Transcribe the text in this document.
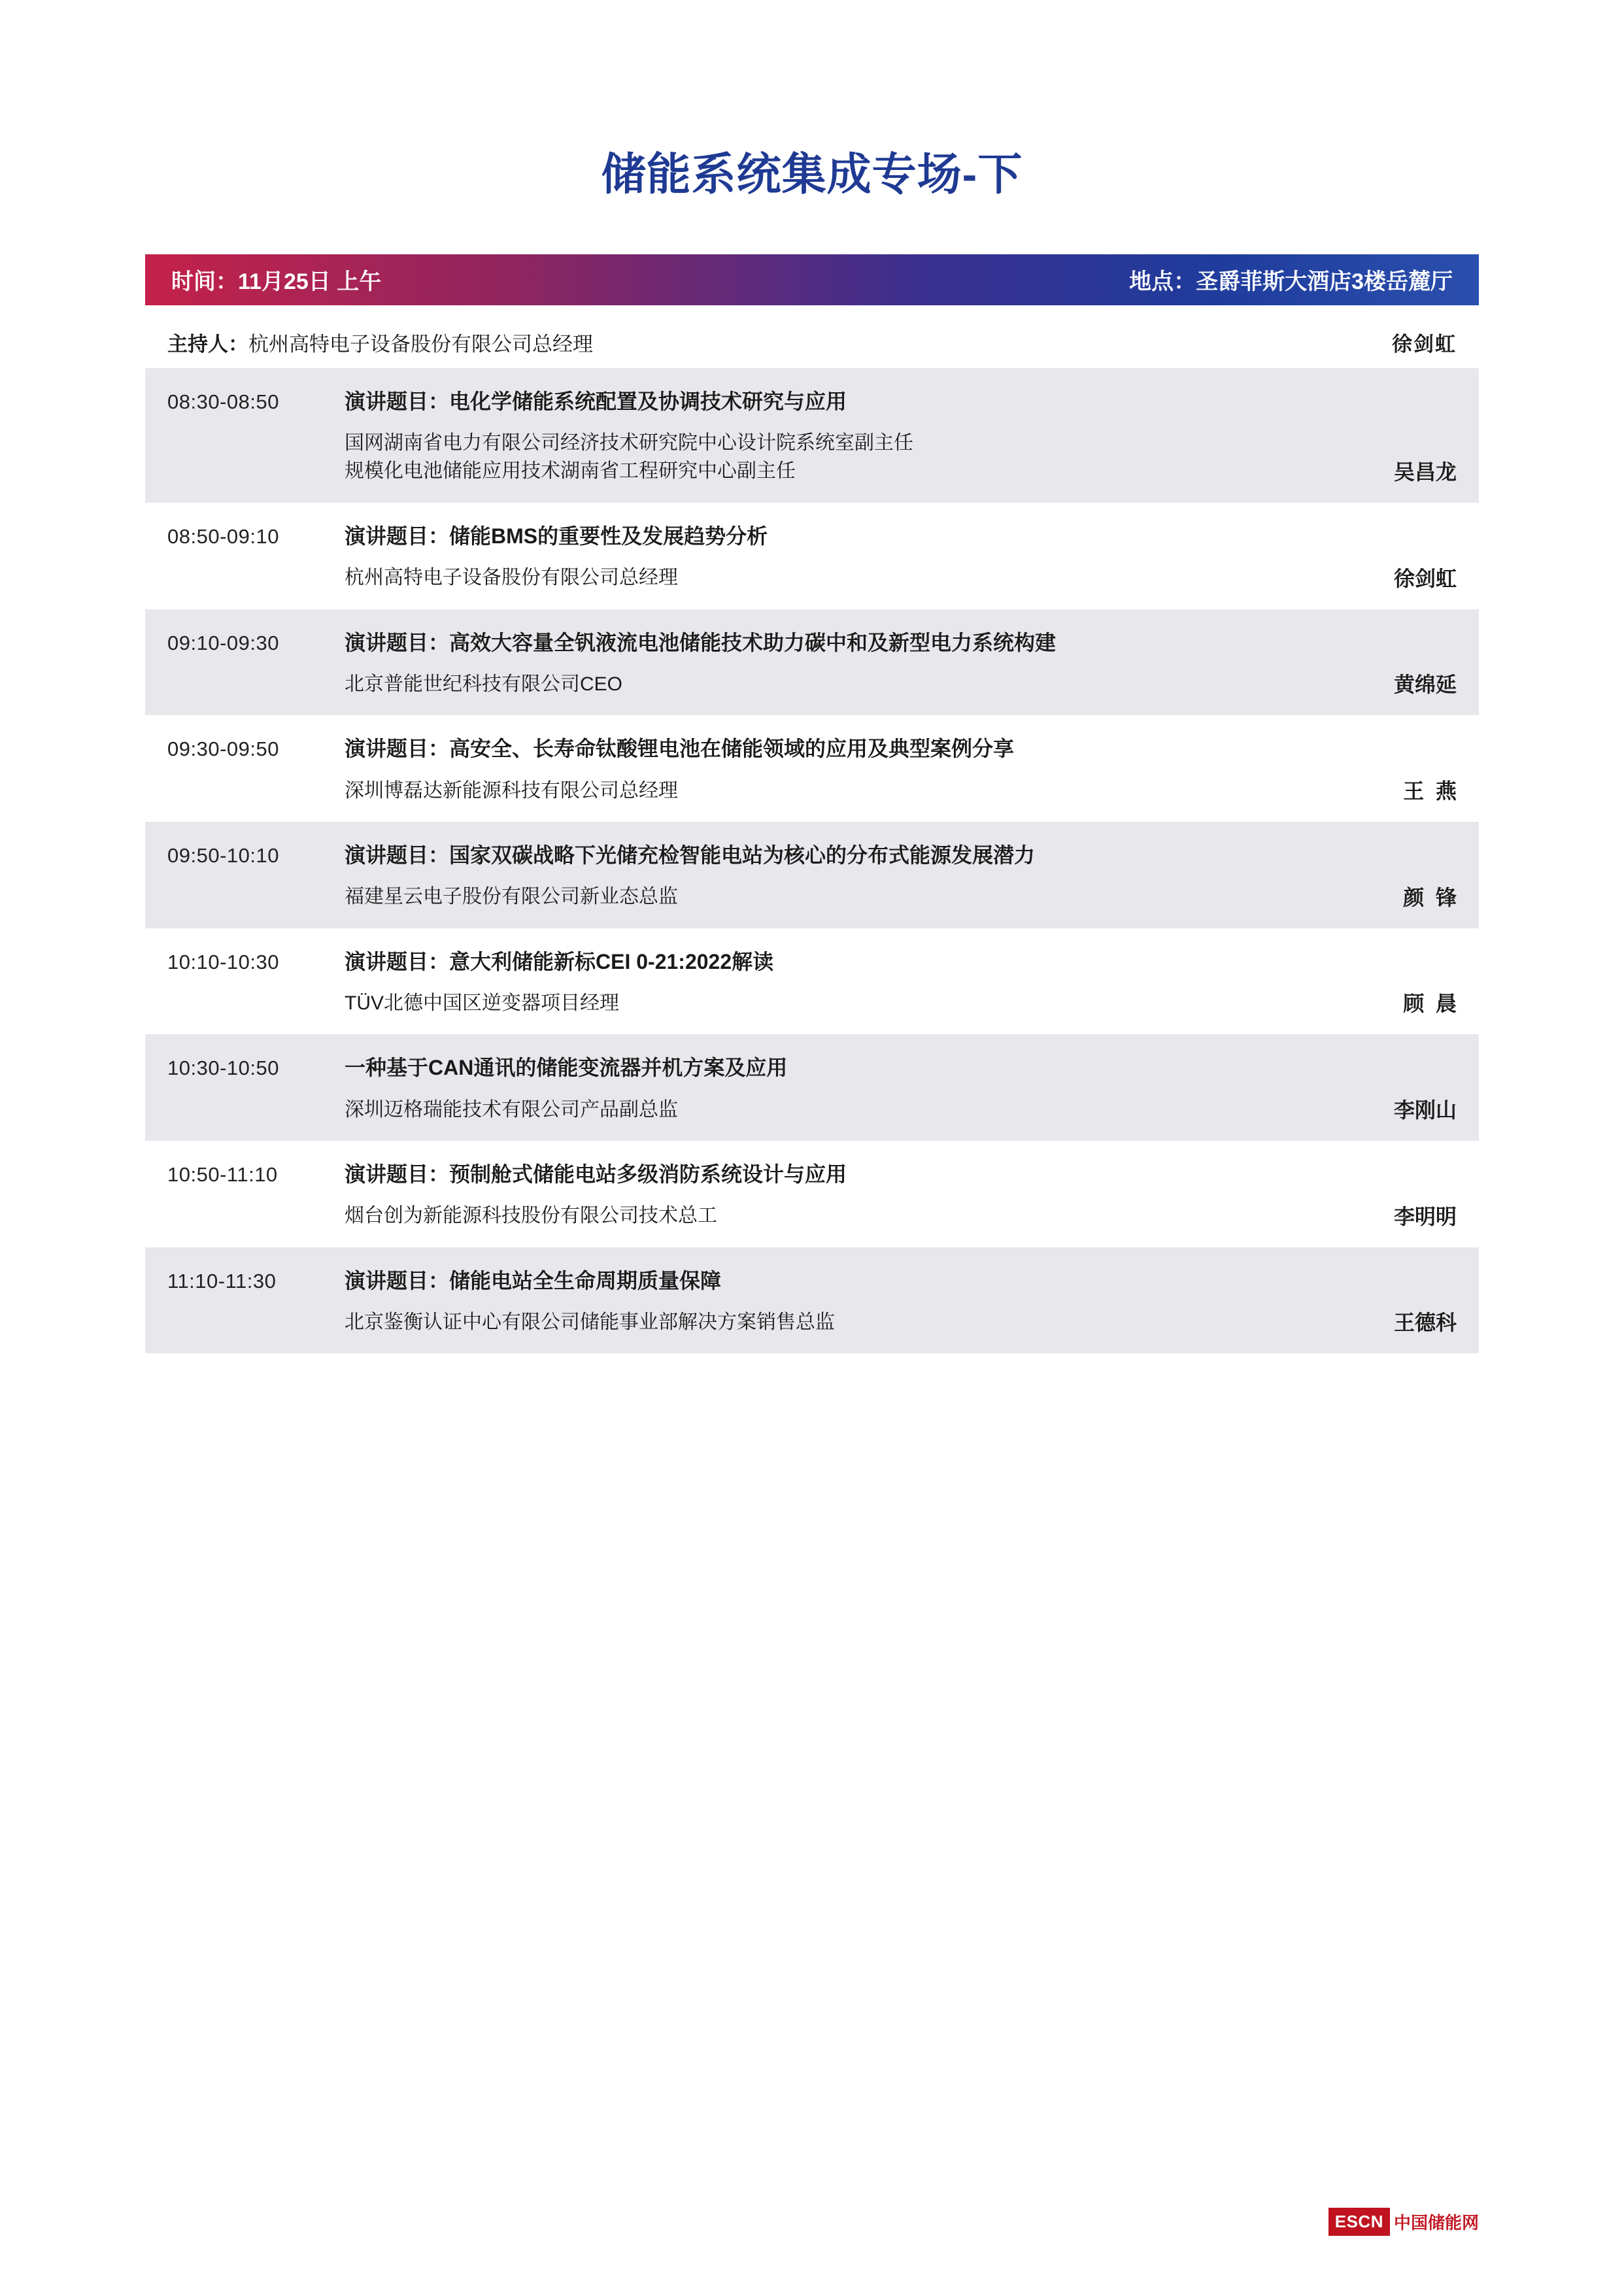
储能系统集成专场-下
时间：11月25日 上午	地点：圣爵菲斯大酒店3楼岳麓厅
主持人： 杭州高特电子设备股份有限公司总经理	徐剑虹
08:30-08:50	演讲题目：电化学储能系统配置及协调技术研究与应用
国网湖南省电力有限公司经济技术研究院中心设计院系统室副主任
规模化电池储能应用技术湖南省工程研究中心副主任	吴昌龙
08:50-09:10	演讲题目：储能BMS的重要性及发展趋势分析
杭州高特电子设备股份有限公司总经理	徐剑虹
09:10-09:30	演讲题目：高效大容量全钒液流电池储能技术助力碳中和及新型电力系统构建
北京普能世纪科技有限公司CEO	黄绵延
09:30-09:50	演讲题目：高安全、长寿命钛酸锂电池在储能领域的应用及典型案例分享
深圳博磊达新能源科技有限公司总经理	王  燕
09:50-10:10	演讲题目：国家双碳战略下光储充检智能电站为核心的分布式能源发展潜力
福建星云电子股份有限公司新业态总监	颜  锋
10:10-10:30	演讲题目：意大利储能新标CEI 0-21:2022解读
TÜV北德中国区逆变器项目经理	顾  晨
10:30-10:50	一种基于CAN通讯的储能变流器并机方案及应用
深圳迈格瑞能技术有限公司产品副总监	李刚山
10:50-11:10	演讲题目：预制舱式储能电站多级消防系统设计与应用
烟台创为新能源科技股份有限公司技术总工	李明明
11:10-11:30	演讲题目：储能电站全生命周期质量保障
北京鉴衡认证中心有限公司储能事业部解决方案销售总监	王德科
ESCN 中国储能网
